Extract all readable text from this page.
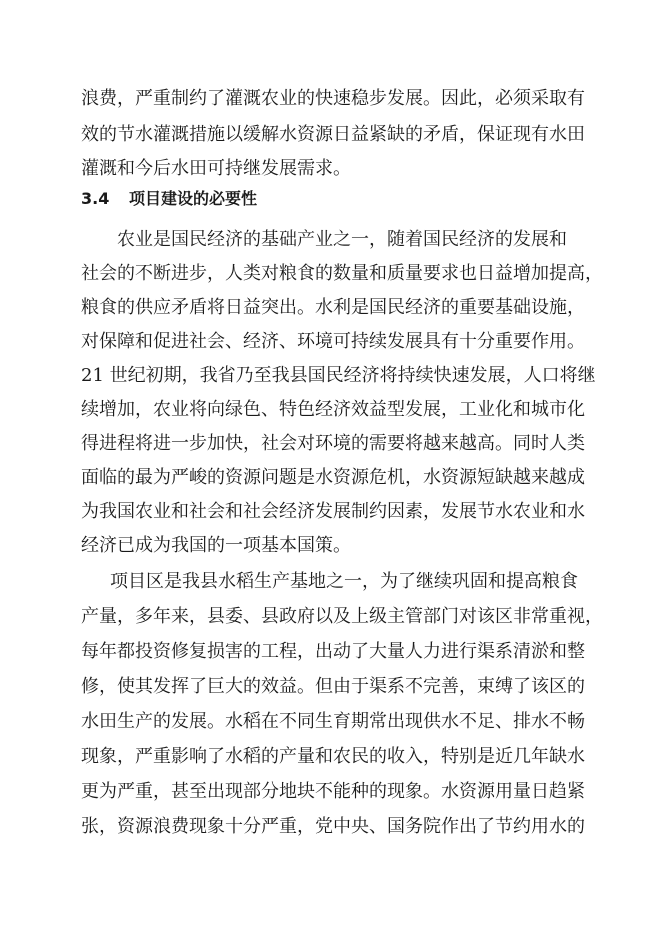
浪费，严重制约了灌溉农业的快速稳步发展。因此，必须采取有
效的节水灌溉措施以缓解水资源日益紧缺的矛盾，保证现有水田
灌溉和今后水田可持继发展需求。
3.4 项目建设的必要性
农业是国民经济的基础产业之一，随着国民经济的发展和
社会的不断进步，人类对粮食的数量和质量要求也日益增加提高，
粮食的供应矛盾将日益突出。水利是国民经济的重要基础设施，
对保障和促进社会、经济、环境可持续发展具有十分重要作用。
21 世纪初期，我省乃至我县国民经济将持续快速发展，人口将继
续增加，农业将向绿色、特色经济效益型发展，工业化和城市化
得进程将进一步加快，社会对环境的需要将越来越高。同时人类
面临的最为严峻的资源问题是水资源危机，水资源短缺越来越成
为我国农业和社会和社会经济发展制约因素，发展节水农业和水
经济已成为我国的一项基本国策。
项目区是我县水稻生产基地之一，为了继续巩固和提高粮食
产量，多年来，县委、县政府以及上级主管部门对该区非常重视，
每年都投资修复损害的工程，出动了大量人力进行渠系清淤和整
修，使其发挥了巨大的效益。但由于渠系不完善，束缚了该区的
水田生产的发展。水稻在不同生育期常出现供水不足、排水不畅
现象，严重影响了水稻的产量和农民的收入，特别是近几年缺水
更为严重，甚至出现部分地块不能种的现象。水资源用量日趋紧
张，资源浪费现象十分严重，党中央、国务院作出了节约用水的
